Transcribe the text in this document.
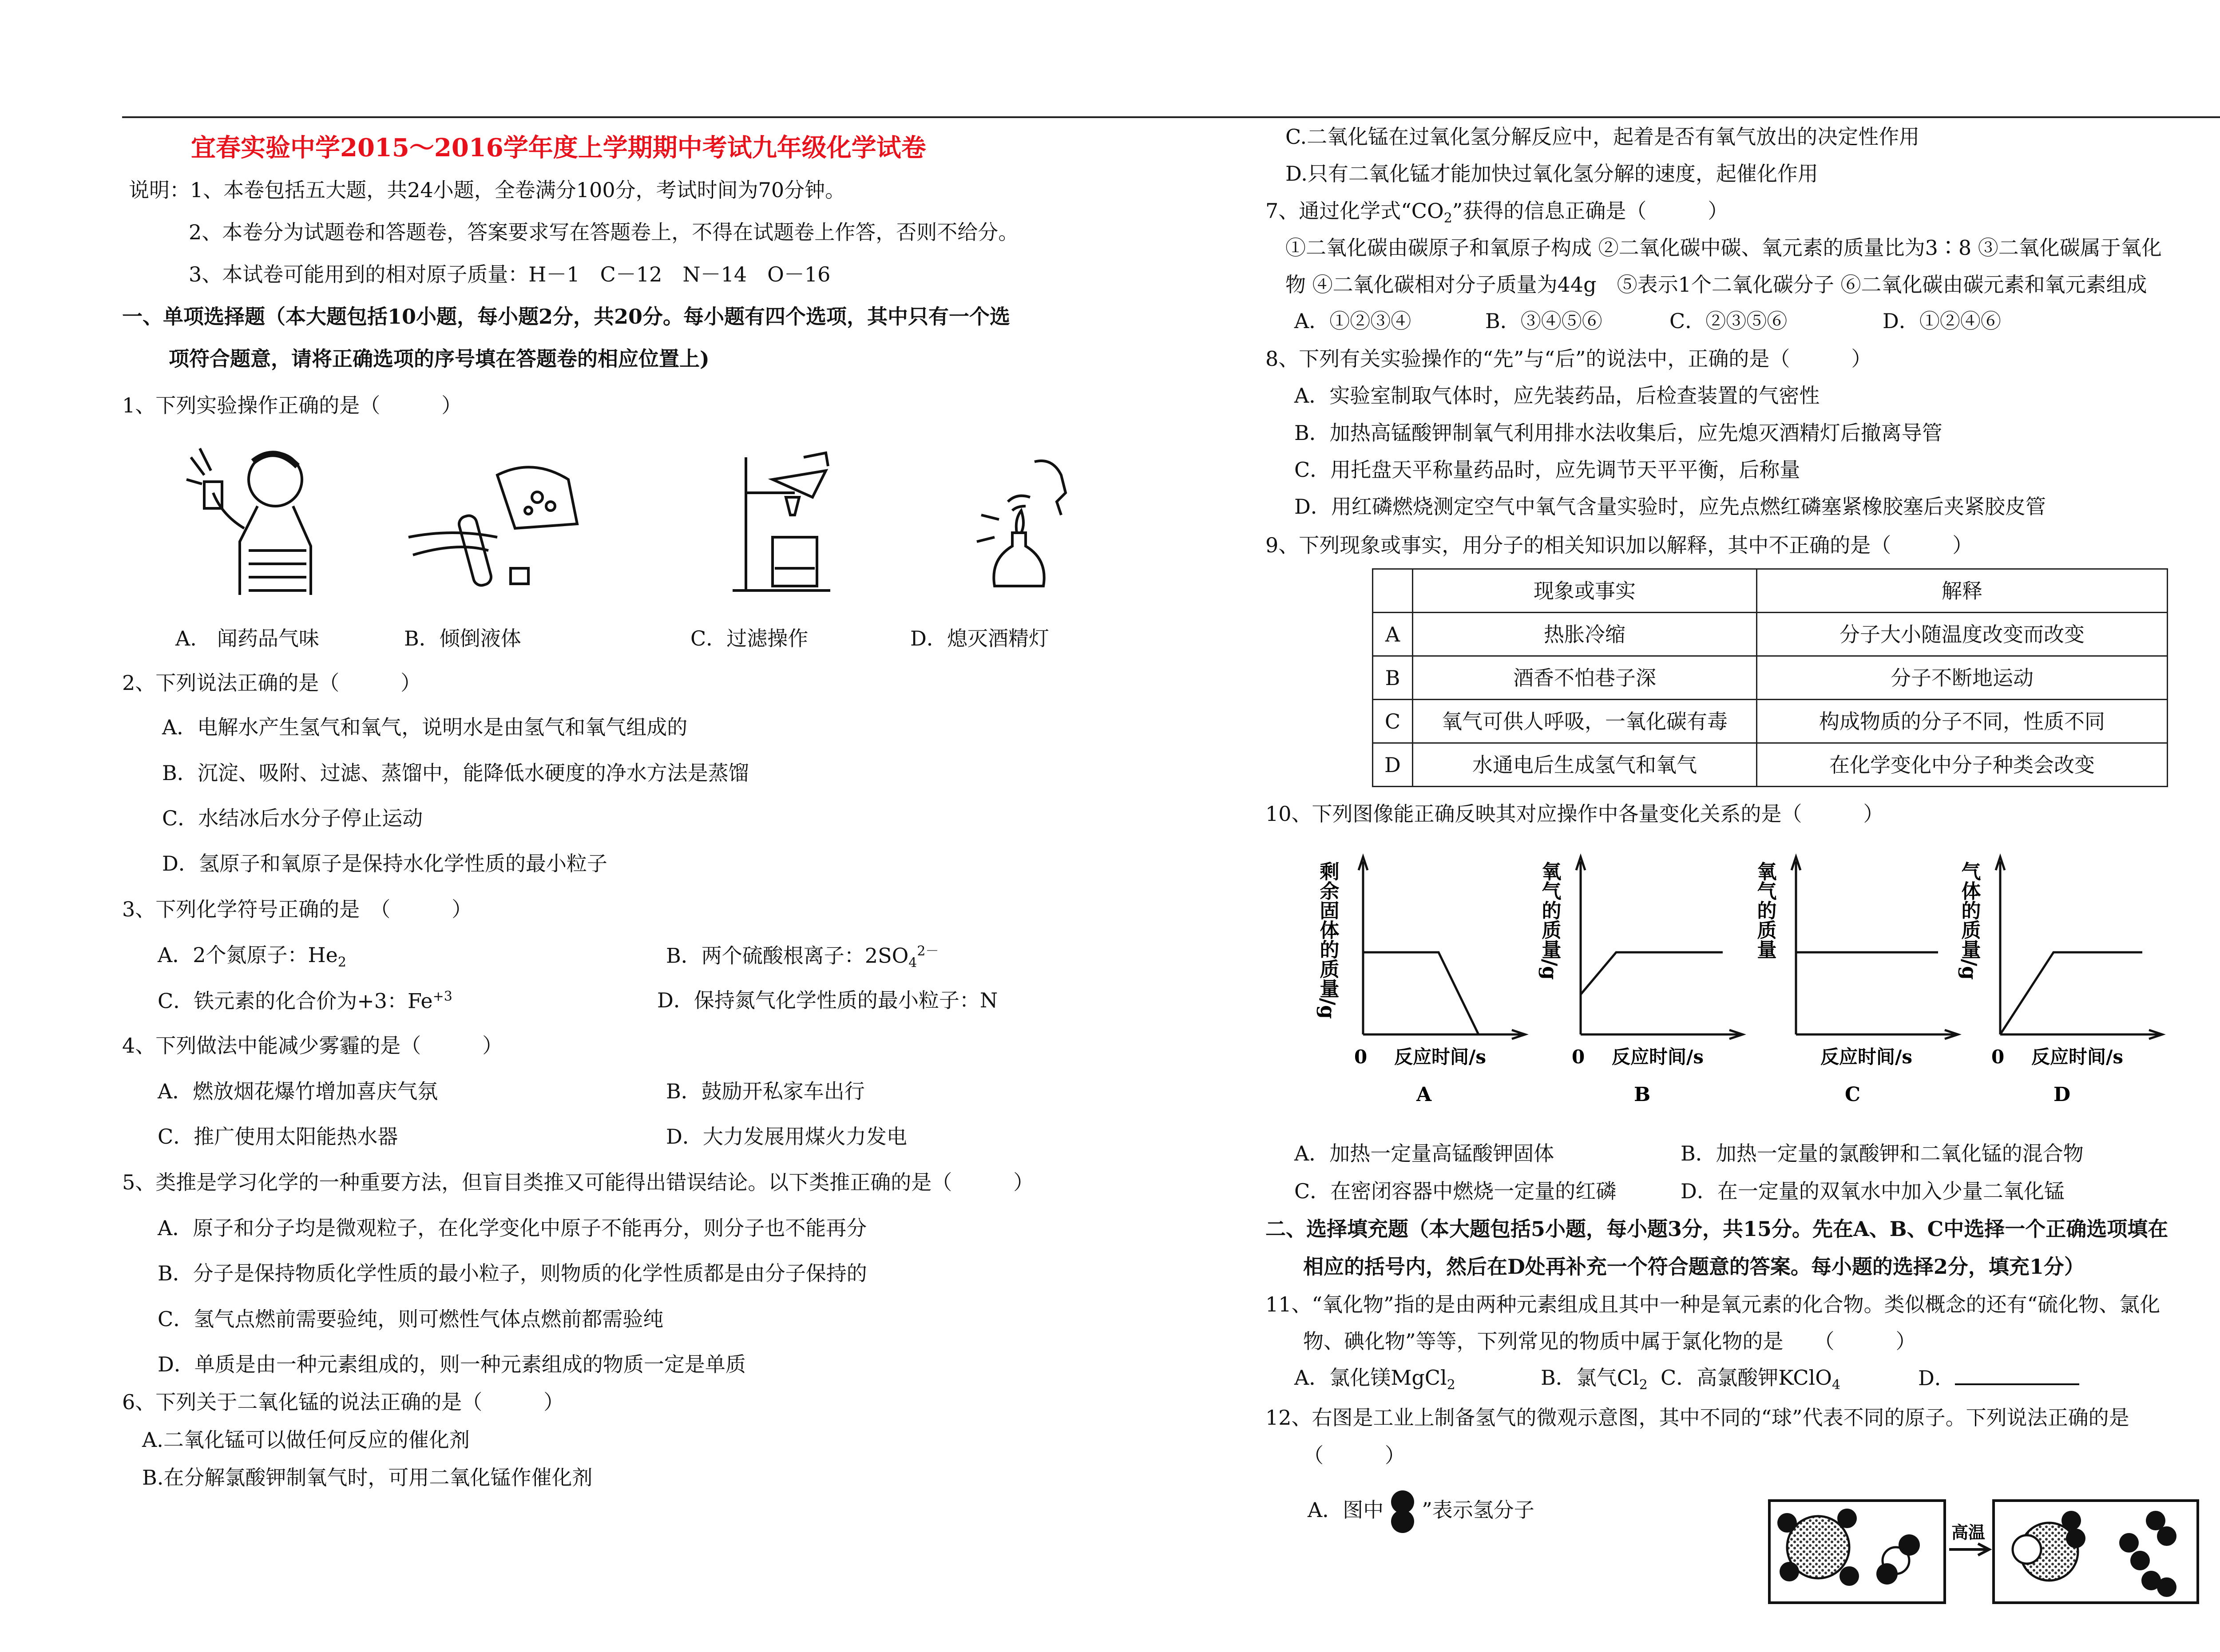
宜春实验中学2015～2016学年度上学期期中考试九年级化学试卷
说明：1、本卷包括五大题，共24小题，全卷满分100分，考试时间为70分钟。
2、本卷分为试题卷和答题卷，答案要求写在答题卷上，不得在试题卷上作答，否则不给分。
3、本试卷可能用到的相对原子质量：H－1　C－12　N－14　O－16
一、单项选择题（本大题包括10小题，每小题2分，共20分。每小题有四个选项，其中只有一个选
项符合题意，请将正确选项的序号填在答题卷的相应位置上)
1、下列实验操作正确的是（　　　）
A.　闻药品气味	B．倾倒液体	C．过滤操作	D．熄灭酒精灯
2、下列说法正确的是（　　　）
A．电解水产生氢气和氧气，说明水是由氢气和氧气组成的
B．沉淀、吸附、过滤、蒸馏中，能降低水硬度的净水方法是蒸馏
C．水结冰后水分子停止运动
D．氢原子和氧原子是保持水化学性质的最小粒子
3、下列化学符号正确的是　（　　　）
A．2个氮原子：$He_2$	B．两个硫酸根离子：$2SO_4^{2-}$
C．铁元素的化合价为+3：$Fe^{+3}$	D．保持氮气化学性质的最小粒子：N
4、下列做法中能减少雾霾的是（　　　）
A．燃放烟花爆竹增加喜庆气氛	B．鼓励开私家车出行
C．推广使用太阳能热水器	D．大力发展用煤火力发电
5、类推是学习化学的一种重要方法，但盲目类推又可能得出错误结论。以下类推正确的是（　　　）
A．原子和分子均是微观粒子，在化学变化中原子不能再分，则分子也不能再分
B．分子是保持物质化学性质的最小粒子，则物质的化学性质都是由分子保持的
C．氢气点燃前需要验纯，则可燃性气体点燃前都需验纯
D．单质是由一种元素组成的，则一种元素组成的物质一定是单质
6、下列关于二氧化锰的说法正确的是（　　　）
A.二氧化锰可以做任何反应的催化剂
B.在分解氯酸钾制氧气时，可用二氧化锰作催化剂
C.二氧化锰在过氧化氢分解反应中，起着是否有氧气放出的决定性作用
D.只有二氧化锰才能加快过氧化氢分解的速度，起催化作用
7、通过化学式“$CO_2$”获得的信息正确是（　　　）
①二氧化碳由碳原子和氧原子构成 ②二氧化碳中碳、氧元素的质量比为3∶8 ③二氧化碳属于氧化
物 ④二氧化碳相对分子质量为44g　⑤表示1个二氧化碳分子 ⑥二氧化碳由碳元素和氧元素组成
A．①②③④	B．③④⑤⑥	C．②③⑤⑥	D．①②④⑥
8、下列有关实验操作的“先”与“后”的说法中，正确的是（　　　）
A．实验室制取气体时，应先装药品，后检查装置的气密性
B．加热高锰酸钾制氧气利用排水法收集后，应先熄灭酒精灯后撤离导管
C．用托盘天平称量药品时，应先调节天平平衡，后称量
D．用红磷燃烧测定空气中氧气含量实验时，应先点燃红磷塞紧橡胶塞后夹紧胶皮管
9、下列现象或事实，用分子的相关知识加以解释，其中不正确的是（　　　）
	现象或事实	解释
A	热胀冷缩	分子大小随温度改变而改变
B	酒香不怕巷子深	分子不断地运动
C	氧气可供人呼吸，一氧化碳有毒	构成物质的分子不同，性质不同
D	水通电后生成氢气和氧气	在化学变化中分子种类会改变
10、下列图像能正确反映其对应操作中各量变化关系的是（　　　）
剩余固体的质量/g
0 反应时间/s
A
氧气的质量/g
0 反应时间/s
B
氧气的质量
反应时间/s
C
气体的质量/g
0 反应时间/s
D
A．加热一定量高锰酸钾固体	B．加热一定量的氯酸钾和二氧化锰的混合物
C．在密闭容器中燃烧一定量的红磷	D．在一定量的双氧水中加入少量二氧化锰
二、选择填充题（本大题包括5小题，每小题3分，共15分。先在A、B、C中选择一个正确选项填在
相应的括号内，然后在D处再补充一个符合题意的答案。每小题的选择2分，填充1分）
11、“氧化物”指的是由两种元素组成且其中一种是氧元素的化合物。类似概念的还有“硫化物、氯化
物、碘化物”等等，下列常见的物质中属于氯化物的是　　（　　　）
A．氯化镁MgCl$_2$	B．氯气$Cl_2$ C．高氯酸钾KClO$_4$	D．
12、右图是工业上制备氢气的微观示意图，其中不同的“球”代表不同的原子。下列说法正确的是
（　　　）
A．图中 ”表示氢分子
高温
